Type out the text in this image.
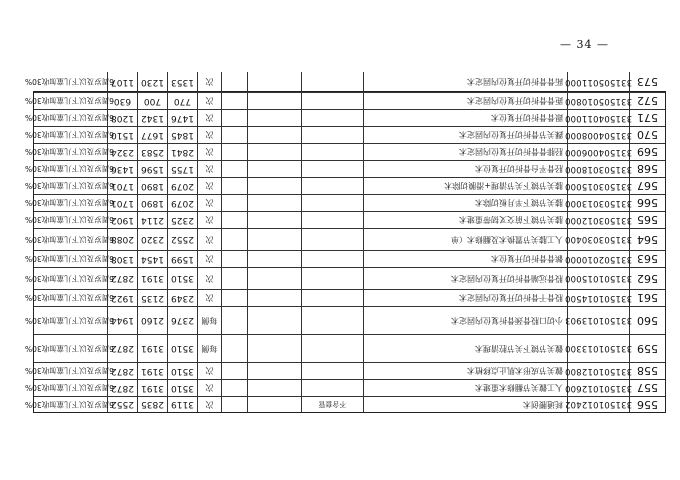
— 34 —
556
331501012402
耗通腰创术
不含套管
次
3119
2835
2552
6周岁及以下儿童加收30%
557
331501012600
人工髋关节翻修术重建术
次
3510
3191
2872
6周岁及以下儿童加收30%
558
331501012800
髋关节成形术肌止点移植术
次
3510
3191
2872
6周岁及以下儿童加收30%
559
331501013300
髋关节镜下关节腔清理术
每侧
3510
3191
2872
6周岁及以下儿童加收30%
560
331501013903
小切口股骨颈骨折复位内固定术
每侧
2376
2160
1944
6周岁及以下儿童加收30%
561
331501014500
股骨干骨折切开复位内固定术
次
2349
2135
1922
6周岁及以下儿童加收30%
562
331501015000
股骨远端骨折切开复位内固定术
次
3510
3191
2872
6周岁及以下儿童加收30%
563
331502010000
髌骨骨折切开复位术
次
1599
1454
1308
6周岁及以下儿童加收30%
564
331503030400
人工膝关节置换术及翻修术（单
次
2552
2320
2088
6周岁及以下儿童加收30%
565
331503012000
膝关节镜下前交叉韧带重建术
次
2325
2114
1902
6周岁及以下儿童加收30%
566
331503013000
膝关节镜下半月板切除术
次
2079
1890
1701
6周岁及以下儿童加收30%
567
331503015000
膝关节镜下关节清理+滑膜切除术
次
2079
1890
1701
6周岁及以下儿童加收30%
568
331503018000
胫骨平台骨折切开复位术
次
1755
1596
1436
6周岁及以下儿童加收30%
569
331504006000
胫腓骨骨折切开复位内固定术
次
2841
2583
2324
6周岁及以下儿童加收30%
570
331504008000
踝关节骨折切开复位内固定术
次
1845
1677
1510
6周岁及以下儿童加收30%
571
331504011000
跟骨骨折切开复位术
次
1476
1342
1208
6周岁及以下儿童加收30%
572
331505010800
距骨骨折切开复位内固定术
次
770
700
630
6周岁及以下儿童加收30%
573
331505011000
跖骨骨折切开复位内固定术
次
1353
1230
1107
6周岁及以下儿童加收30%
